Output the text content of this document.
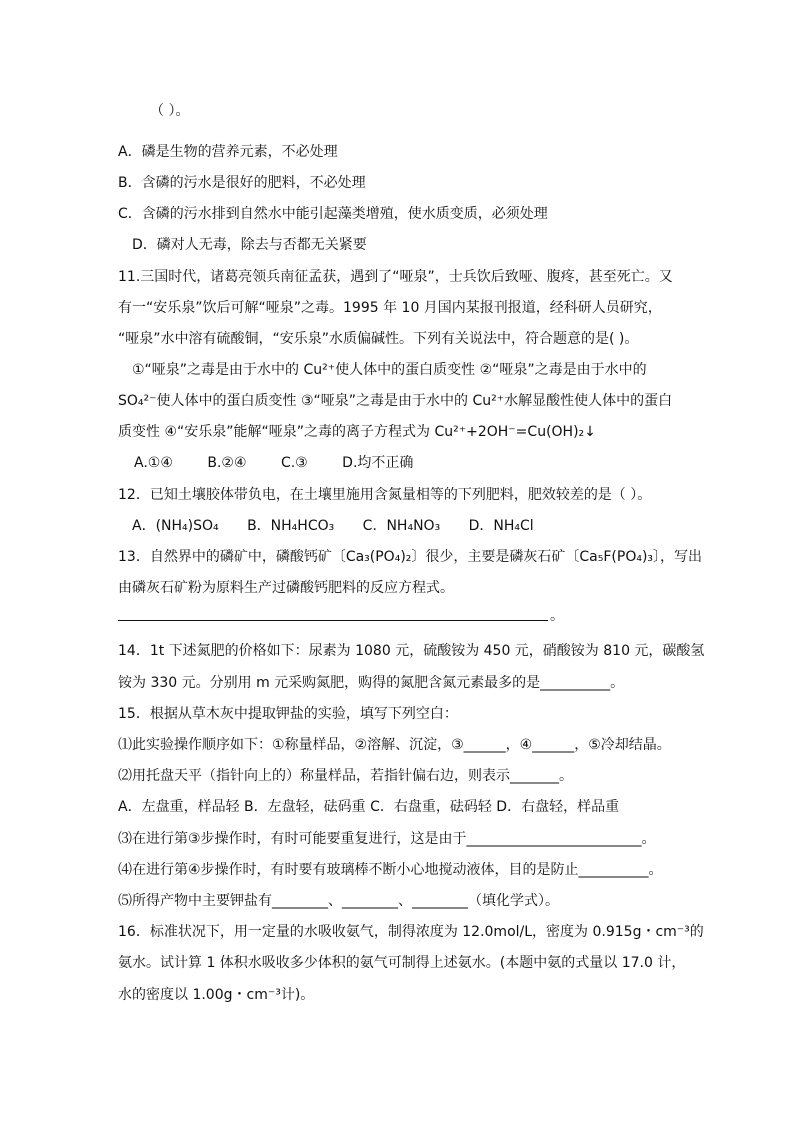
（ ）。
A．磷是生物的营养元素，不必处理
B．含磷的污水是很好的肥料，不必处理
C．含磷的污水排到自然水中能引起藻类增殖，使水质变质，必须处理
D．磷对人无毒，除去与否都无关紧要
11.三国时代，诸葛亮领兵南征孟获，遇到了“哑泉”，士兵饮后致哑、腹疼，甚至死亡。又
有一“安乐泉”饮后可解“哑泉”之毒。1995 年 10 月国内某报刊报道，经科研人员研究，
“哑泉”水中溶有硫酸铜，“安乐泉”水质偏碱性。下列有关说法中，符合题意的是( )。
①“哑泉”之毒是由于水中的 Cu²⁺使人体中的蛋白质变性 ②“哑泉”之毒是由于水中的
SO₄²⁻使人体中的蛋白质变性 ③“哑泉”之毒是由于水中的 Cu²⁺水解显酸性使人体中的蛋白
质变性 ④“安乐泉”能解“哑泉”之毒的离子方程式为 Cu²⁺+2OH⁻=Cu(OH)₂↓
A.①④ B.②④ C.③ D.均不正确
12．已知土壤胶体带负电，在土壤里施用含氮量相等的下列肥料，肥效较差的是（ ）。
A．(NH₄)SO₄ B．NH₄HCO₃ C．NH₄NO₃ D．NH₄Cl
13．自然界中的磷矿中，磷酸钙矿〔Ca₃(PO₄)₂〕很少，主要是磷灰石矿〔Ca₅F(PO₄)₃〕，写出
由磷灰石矿粉为原料生产过磷酸钙肥料的反应方程式。
。
14．1t 下述氮肥的价格如下：尿素为 1080 元，硫酸铵为 450 元，硝酸铵为 810 元，碳酸氢
铵为 330 元。分别用 m 元采购氮肥，购得的氮肥含氮元素最多的是__________。
15．根据从草木灰中提取钾盐的实验，填写下列空白：
⑴此实验操作顺序如下：①称量样品，②溶解、沉淀，③______，④______，⑤冷却结晶。
⑵用托盘天平（指针向上的）称量样品，若指针偏右边，则表示_______。
A．左盘重，样品轻 B．左盘轻，砝码重 C．右盘重，砝码轻 D．右盘轻，样品重
⑶在进行第③步操作时，有时可能要重复进行，这是由于_________________________。
⑷在进行第④步操作时，有时要有玻璃棒不断小心地搅动液体，目的是防止__________。
⑸所得产物中主要钾盐有________、________、________（填化学式）。
16．标准状况下，用一定量的水吸收氨气，制得浓度为 12.0mol/L，密度为 0.915g・cm⁻³的
氨水。试计算 1 体积水吸收多少体积的氨气可制得上述氨水。(本题中氨的式量以 17.0 计，
水的密度以 1.00g・cm⁻³计)。
